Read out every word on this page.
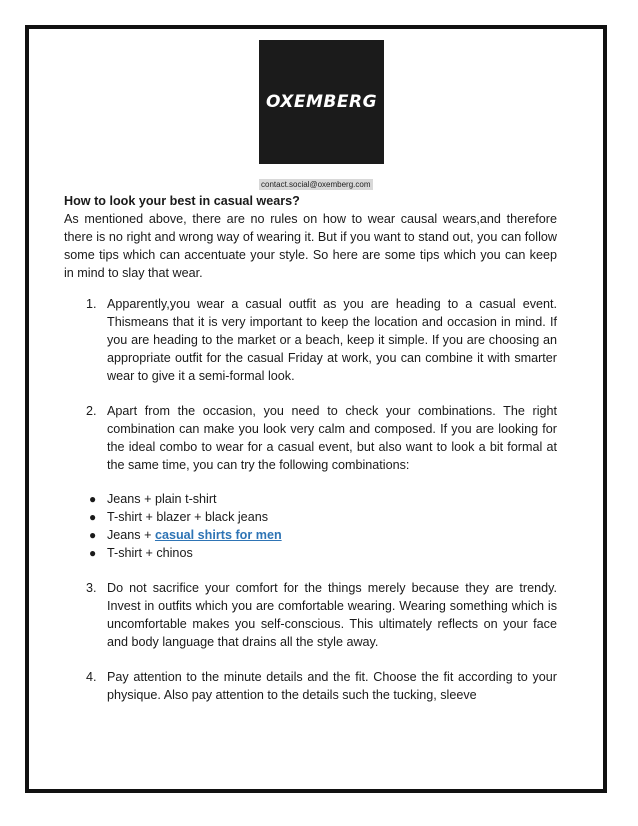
OXEMBERG
contact.social@oxemberg.com

How to look your best in casual wears?

As mentioned above, there are no rules on how to wear causal wears,and therefore there is no right and wrong way of wearing it. But if you want to stand out, you can follow some tips which can accentuate your style. So here are some tips which you can keep in mind to slay that wear.

1. Apparently,you wear a casual outfit as you are heading to a casual event. Thismeans that it is very important to keep the location and occasion in mind. If you are heading to the market or a beach, keep it simple. If you are choosing an appropriate outfit for the casual Friday at work, you can combine it with smarter wear to give it a semi-formal look.
2. Apart from the occasion, you need to check your combinations. The right combination can make you look very calm and composed. If you are looking for the ideal combo to wear for a casual event, but also want to look a bit formal at the same time, you can try the following combinations:
● Jeans + plain t-shirt
● T-shirt + blazer + black jeans
● Jeans + casual shirts for men
● T-shirt + chinos
3. Do not sacrifice your comfort for the things merely because they are trendy. Invest in outfits which you are comfortable wearing. Wearing something which is uncomfortable makes you self-conscious. This ultimately reflects on your face and body language that drains all the style away.
4. Pay attention to the minute details and the fit. Choose the fit according to your physique. Also pay attention to the details such the tucking, sleeve
